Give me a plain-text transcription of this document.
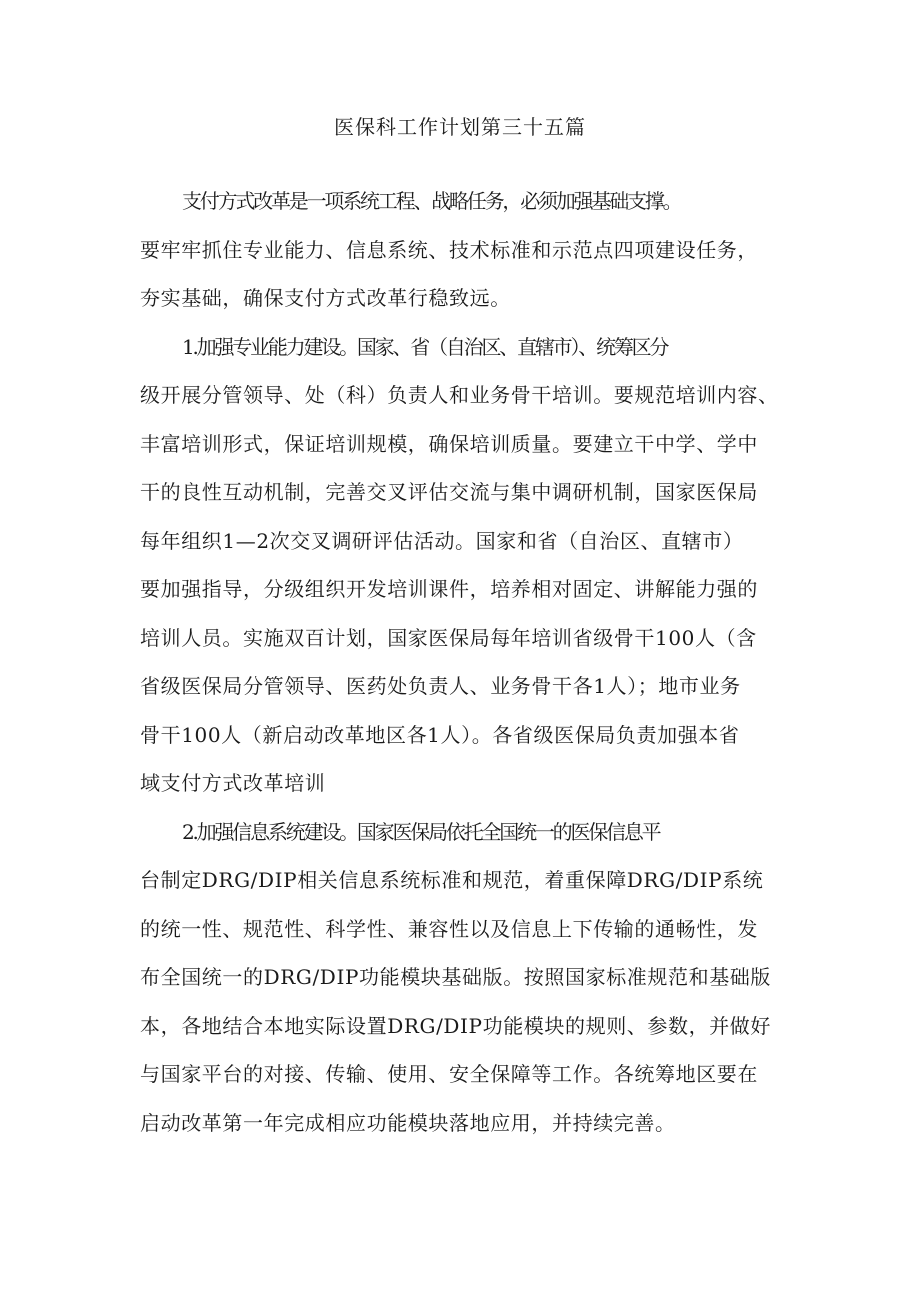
医保科工作计划第三十五篇
支付方式改革是一项系统工程、战略任务，必须加强基础支撑。
要牢牢抓住专业能力、信息系统、技术标准和示范点四项建设任务，
夯实基础，确保支付方式改革行稳致远。
1.加强专业能力建设。国家、省（自治区、直辖市）、统筹区分
级开展分管领导、处（科）负责人和业务骨干培训。要规范培训内容、
丰富培训形式，保证培训规模，确保培训质量。要建立干中学、学中
干的良性互动机制，完善交叉评估交流与集中调研机制，国家医保局
每年组织1—2次交叉调研评估活动。国家和省（自治区、直辖市）
要加强指导，分级组织开发培训课件，培养相对固定、讲解能力强的
培训人员。实施双百计划，国家医保局每年培训省级骨干100人（含
省级医保局分管领导、医药处负责人、业务骨干各1人）；地市业务
骨干100人（新启动改革地区各1人）。各省级医保局负责加强本省
域支付方式改革培训
2.加强信息系统建设。国家医保局依托全国统一的医保信息平
台制定DRG/DIP相关信息系统标准和规范，着重保障DRG/DIP系统
的统一性、规范性、科学性、兼容性以及信息上下传输的通畅性，发
布全国统一的DRG/DIP功能模块基础版。按照国家标准规范和基础版
本，各地结合本地实际设置DRG/DIP功能模块的规则、参数，并做好
与国家平台的对接、传输、使用、安全保障等工作。各统筹地区要在
启动改革第一年完成相应功能模块落地应用，并持续完善。
